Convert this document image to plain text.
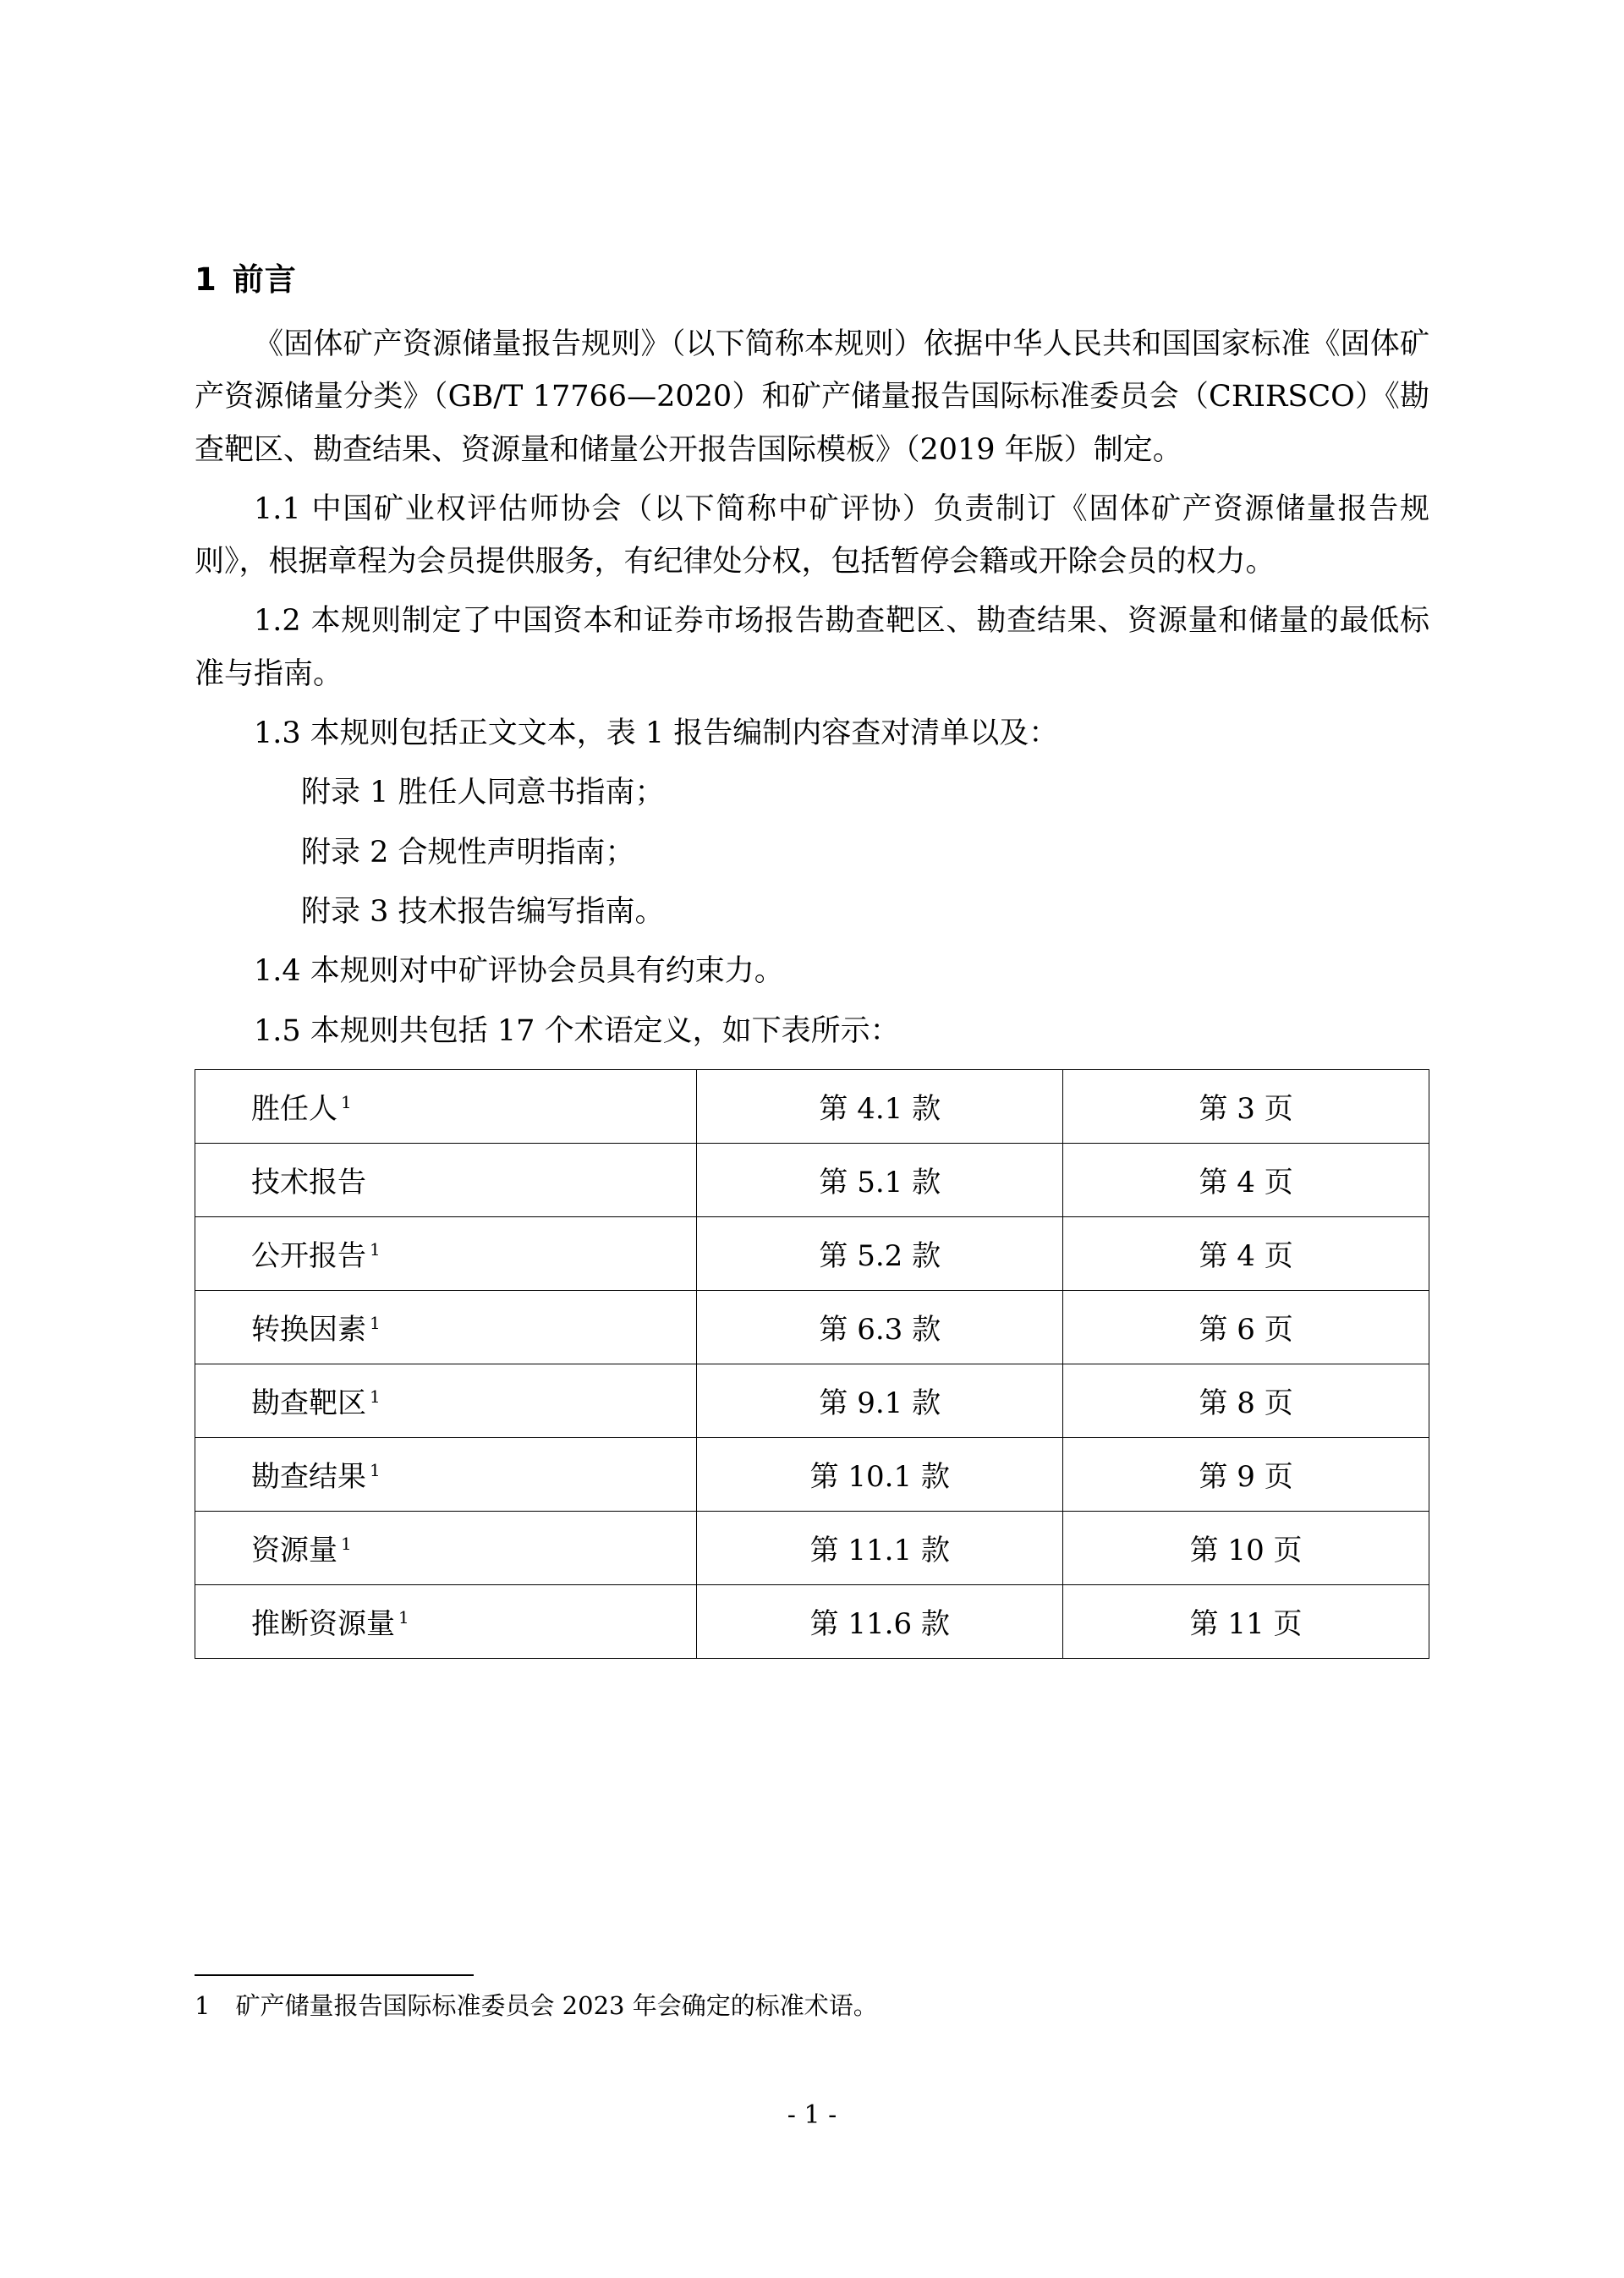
1 前言

《固体矿产资源储量报告规则》（以下简称本规则）依据中华人民共和国国家标准《固体矿产资源储量分类》（GB/T 17766—2020）和矿产储量报告国际标准委员会（CRIRSCO）《勘查靶区、勘查结果、资源量和储量公开报告国际模板》（2019 年版）制定。

1.1 中国矿业权评估师协会（以下简称中矿评协）负责制订《固体矿产资源储量报告规则》，根据章程为会员提供服务，有纪律处分权，包括暂停会籍或开除会员的权力。

1.2 本规则制定了中国资本和证券市场报告勘查靶区、勘查结果、资源量和储量的最低标准与指南。

1.3 本规则包括正文文本，表 1 报告编制内容查对清单以及：

附录 1 胜任人同意书指南；

附录 2 合规性声明指南；

附录 3 技术报告编写指南。

1.4 本规则对中矿评协会员具有约束力。

1.5 本规则共包括 17 个术语定义，如下表所示：

胜任人 $^1$	第 4.1 款	第 3 页
技术报告	第 5.1 款	第 4 页
公开报告 $^1$	第 5.2 款	第 4 页
转换因素 $^1$	第 6.3 款	第 6 页
勘查靶区 $^1$	第 9.1 款	第 8 页
勘查结果 $^1$	第 10.1 款	第 9 页
资源量 $^1$	第 11.1 款	第 10 页
推断资源量 $^1$	第 11.6 款	第 11 页
1 矿产储量报告国际标准委员会 2023 年会确定的标准术语。
- 1 -
